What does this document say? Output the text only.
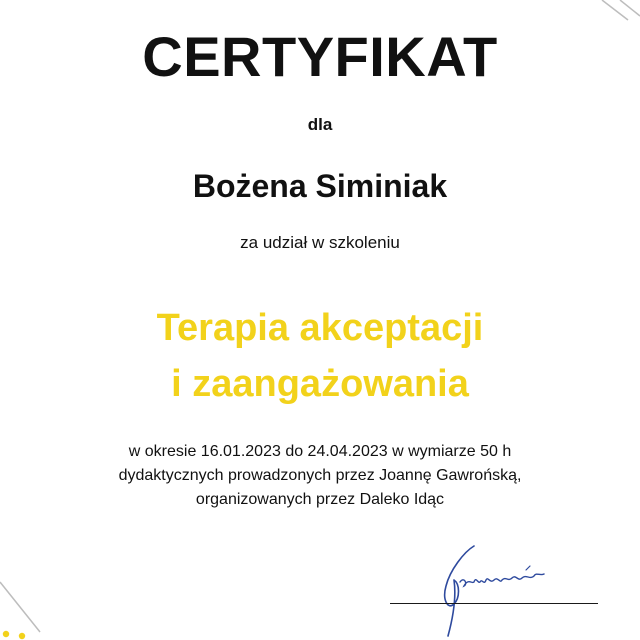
CERTYFIKAT
dla
Bożena Siminiak
za udział w szkoleniu
Terapia akceptacji
i zaangażowania
w okresie 16.01.2023 do 24.04.2023 w wymiarze 50 h
dydaktycznych prowadzonych przez Joannę Gawrońską,
organizowanych przez Daleko Idąc
